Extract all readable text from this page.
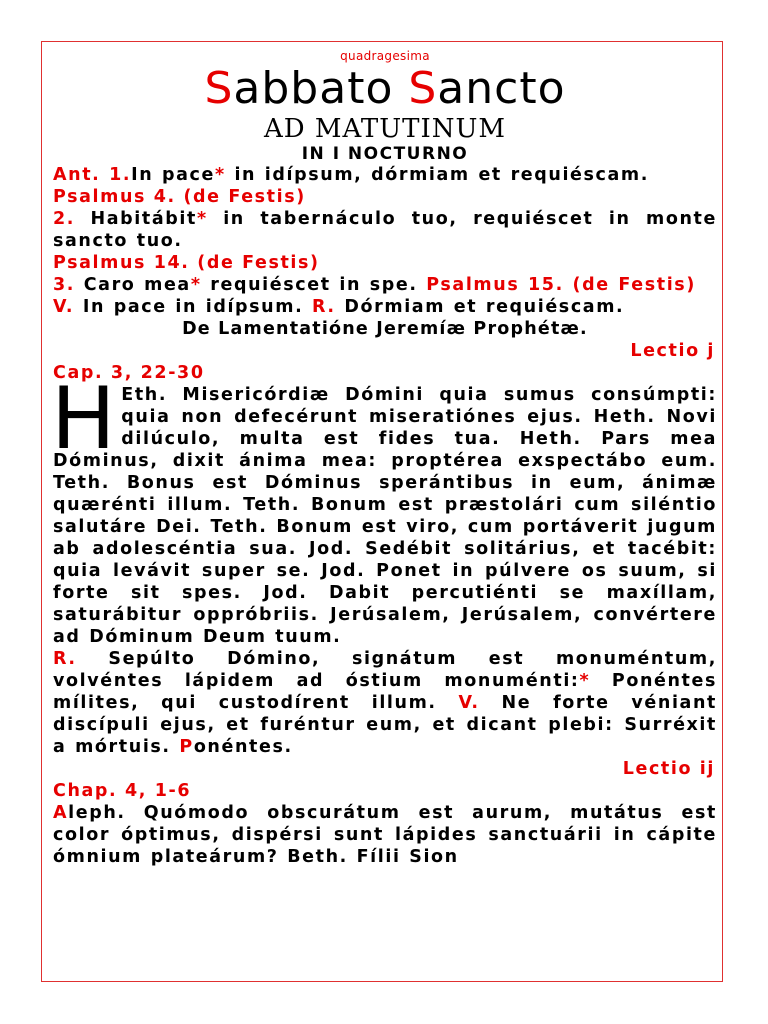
quadragesima
Sabbato Sancto
AD MATUTINUM
IN I NOCTURNO

Ant. 1.In pace* in idípsum, dórmiam et requiéscam.

Psalmus 4. (de Festis)

2. Habitábit* in tabernáculo tuo, requiéscet in monte sancto tuo.

Psalmus 14. (de Festis)

3. Caro mea* requiéscet in spe. Psalmus 15. (de Festis)

V. In pace in idípsum. R. Dórmiam et requiéscam.

De Lamentatióne Jeremíæ Prophétæ.

Lectio j

Cap. 3, 22-30

H Eth. Misericórdiæ Dómini quia sumus consúmpti: quia non defecérunt miseratiónes ejus. Heth. Novi dilúculo, multa est fides tua. Heth. Pars mea Dóminus, dixit ánima mea: proptérea exspectábo eum. Teth. Bonus est Dóminus sperántibus in eum, ánimæ quærénti illum. Teth. Bonum est præstolári cum siléntio salutáre Dei. Teth. Bonum est viro, cum portáverit jugum ab adolescéntia sua. Jod. Sedébit solitárius, et tacébit: quia levávit super se. Jod. Ponet in púlvere os suum, si forte sit spes. Jod. Dabit percutiénti se maxíllam, saturábitur oppróbriis. Jerúsalem, Jerúsalem, convértere ad Dóminum Deum tuum.

R. Sepúlto Dómino, signátum est monuméntum, volvéntes lápidem ad óstium monuménti:* Ponéntes mílites, qui custodírent illum. V. Ne forte véniant discípuli ejus, et furéntur eum, et dicant plebi: Surréxit a mórtuis. Ponéntes.

Lectio ij

Chap. 4, 1-6

Aleph. Quómodo obscurátum est aurum, mutátus est color óptimus, dispérsi sunt lápides sanctuárii in cápite ómnium plateárum? Beth. Fílii Sion
